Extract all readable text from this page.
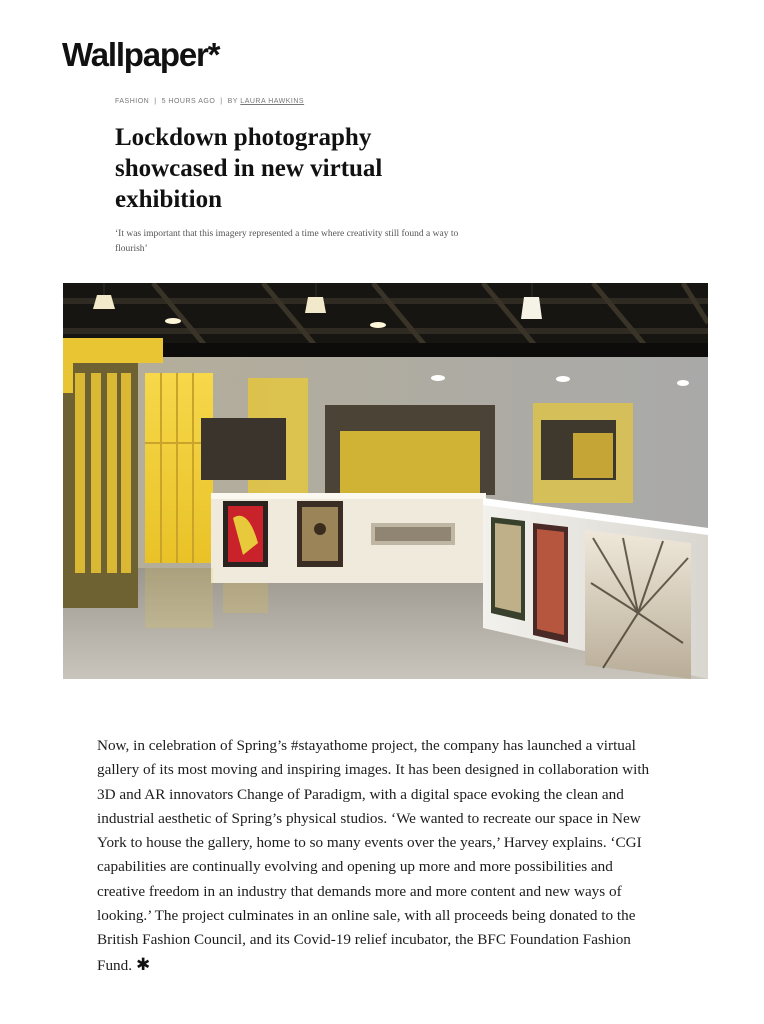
Wallpaper*
FASHION | 5 HOURS AGO | BY LAURA HAWKINS
Lockdown photography showcased in new virtual exhibition

‘It was important that this imagery represented a time where creativity still found a way to flourish’

Now, in celebration of Spring’s #stayathome project, the company has launched a virtual gallery of its most moving and inspiring images. It has been designed in collaboration with 3D and AR innovators Change of Paradigm, with a digital space evoking the clean and industrial aesthetic of Spring’s physical studios. ‘We wanted to recreate our space in New York to house the gallery, home to so many events over the years,’ Harvey explains. ‘CGI capabilities are continually evolving and opening up more and more possibilities and creative freedom in an industry that demands more and more content and new ways of looking.’ The project culminates in an online sale, with all proceeds being donated to the British Fashion Council, and its Covid-19 relief incubator, the BFC Foundation Fashion Fund. ✱
